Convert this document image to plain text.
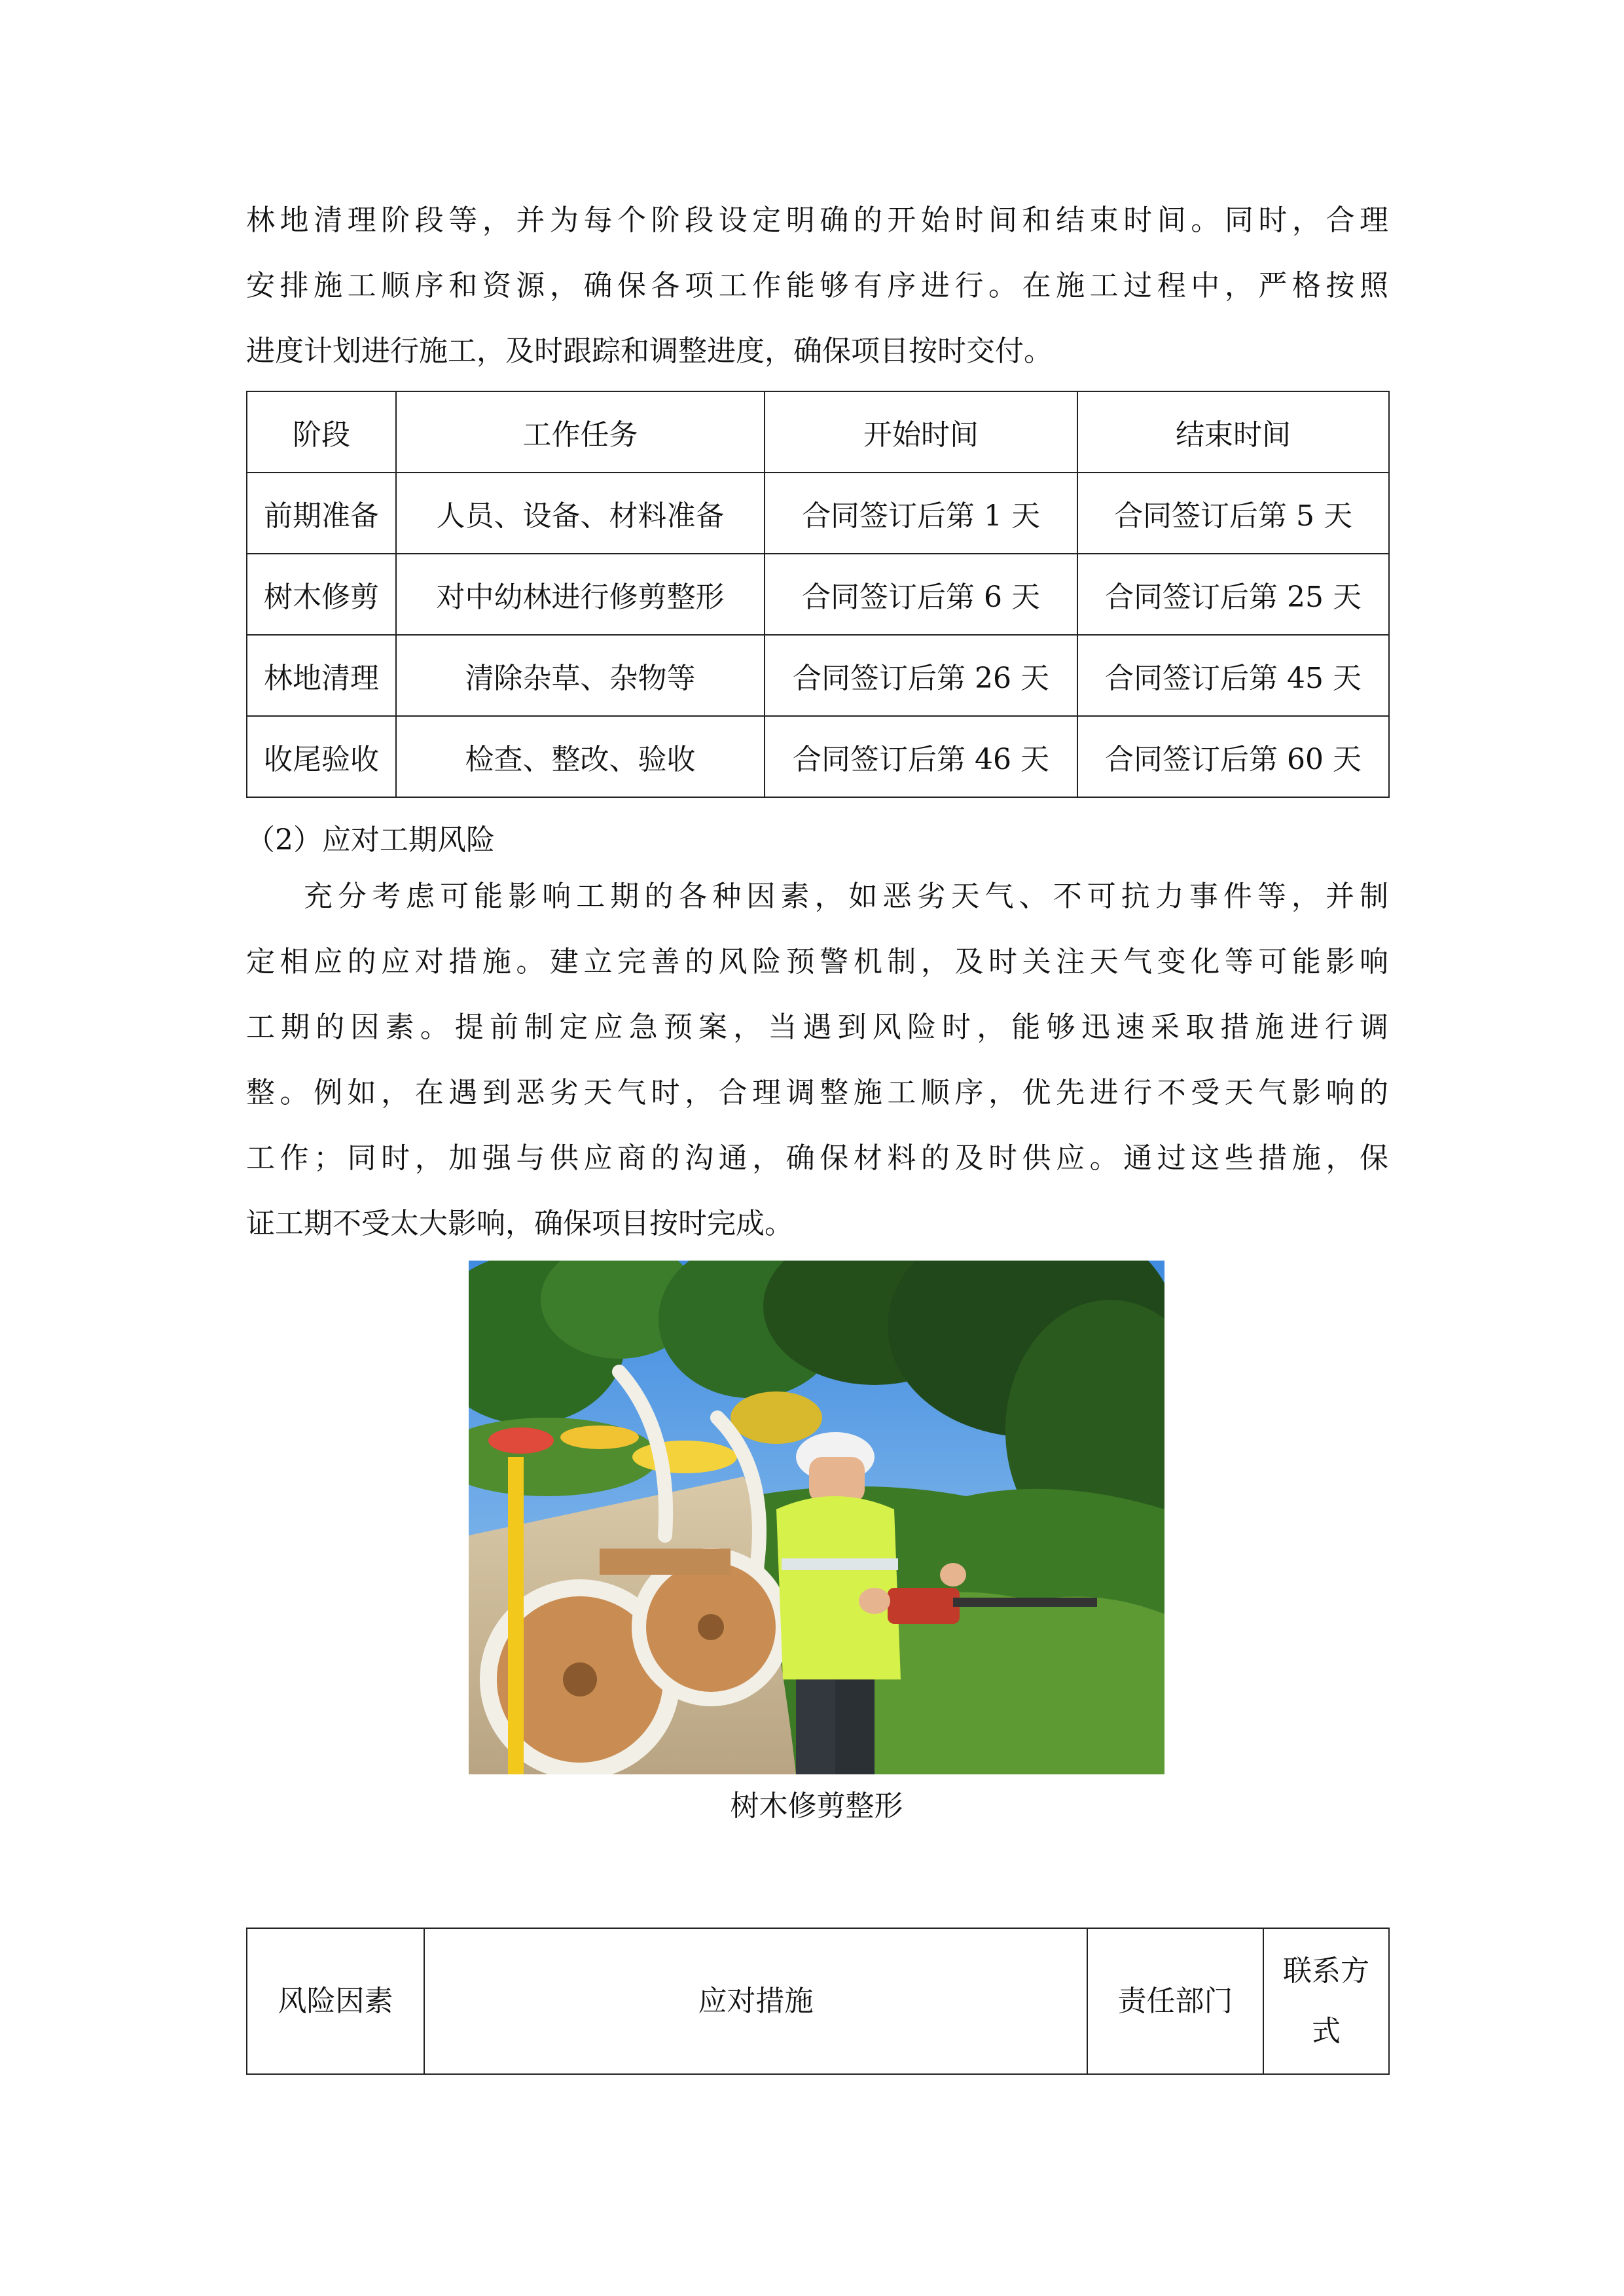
林地清理阶段等，并为每个阶段设定明确的开始时间和结束时间。同时，合理
安排施工顺序和资源，确保各项工作能够有序进行。在施工过程中，严格按照
进度计划进行施工，及时跟踪和调整进度，确保项目按时交付。
阶段	工作任务	开始时间	结束时间
前期准备	人员、设备、材料准备	合同签订后第 1 天	合同签订后第 5 天
树木修剪	对中幼林进行修剪整形	合同签订后第 6 天	合同签订后第 25 天
林地清理	清除杂草、杂物等	合同签订后第 26 天	合同签订后第 45 天
收尾验收	检查、整改、验收	合同签订后第 46 天	合同签订后第 60 天

（2）应对工期风险

充分考虑可能影响工期的各种因素，如恶劣天气、不可抗力事件等，并制
定相应的应对措施。建立完善的风险预警机制，及时关注天气变化等可能影响
工期的因素。提前制定应急预案，当遇到风险时，能够迅速采取措施进行调
整。例如，在遇到恶劣天气时，合理调整施工顺序，优先进行不受天气影响的
工作；同时，加强与供应商的沟通，确保材料的及时供应。通过这些措施，保
证工期不受太大影响，确保项目按时完成。

树木修剪整形

风险因素	应对措施	责任部门	联系方式
